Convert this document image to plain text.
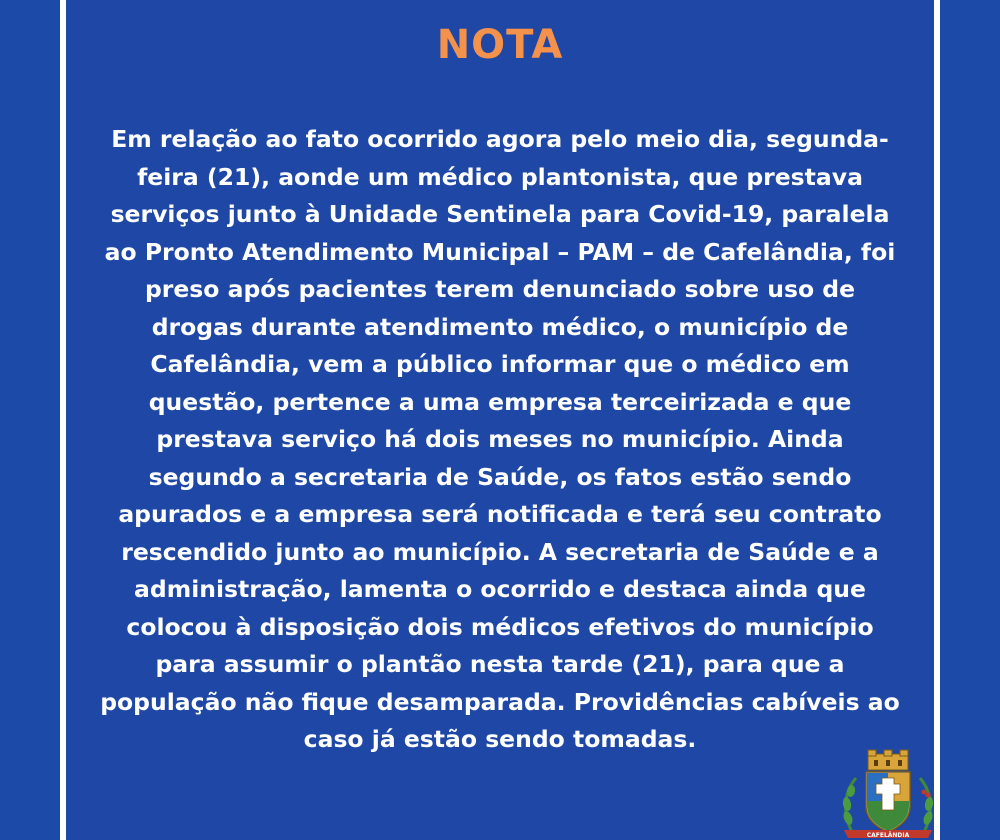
NOTA

Em relação ao fato ocorrido agora pelo meio dia, segunda-feira (21), aonde um médico plantonista, que prestava serviços junto à Unidade Sentinela para Covid-19, paralela ao Pronto Atendimento Municipal – PAM – de Cafelândia, foi preso após pacientes terem denunciado sobre uso de drogas durante atendimento médico, o município de Cafelândia, vem a público informar que o médico em questão, pertence a uma empresa terceirizada e que prestava serviço há dois meses no município. Ainda segundo a secretaria de Saúde, os fatos estão sendo apurados e a empresa será notificada e terá seu contrato rescendido junto ao município. A secretaria de Saúde e a administração, lamenta o ocorrido e destaca ainda que colocou à disposição dois médicos efetivos do município para assumir o plantão nesta tarde (21), para que a população não fique desamparada. Providências cabíveis ao caso já estão sendo tomadas.

CAFELÂNDIA
